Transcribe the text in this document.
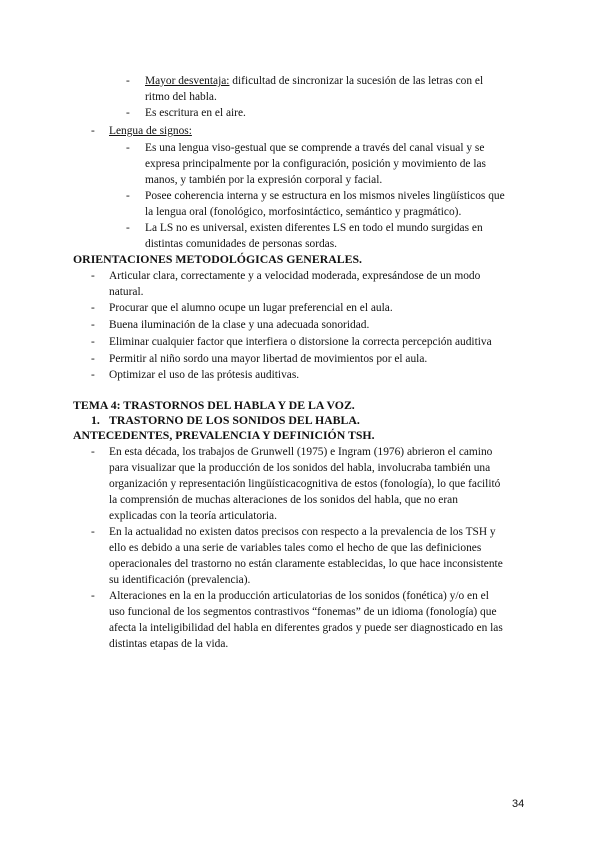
- Mayor desventaja: dificultad de sincronizar la sucesión de las letras con el
ritmo del habla.
- Es escritura en el aire.
- Lengua de signos:
- Es una lengua viso-gestual que se comprende a través del canal visual y se
expresa principalmente por la configuración, posición y movimiento de las
manos, y también por la expresión corporal y facial.
- Posee coherencia interna y se estructura en los mismos niveles lingüísticos que
la lengua oral (fonológico, morfosintáctico, semántico y pragmático).
- La LS no es universal, existen diferentes LS en todo el mundo surgidas en
distintas comunidades de personas sordas.
ORIENTACIONES METODOLÓGICAS GENERALES.
- Articular clara, correctamente y a velocidad moderada, expresándose de un modo
natural.
- Procurar que el alumno ocupe un lugar preferencial en el aula.
- Buena iluminación de la clase y una adecuada sonoridad.
- Eliminar cualquier factor que interfiera o distorsione la correcta percepción auditiva
- Permitir al niño sordo una mayor libertad de movimientos por el aula.
- Optimizar el uso de las prótesis auditivas.
TEMA 4: TRASTORNOS DEL HABLA Y DE LA VOZ.
1. TRASTORNO DE LOS SONIDOS DEL HABLA.
ANTECEDENTES, PREVALENCIA Y DEFINICIÓN TSH.
- En esta década, los trabajos de Grunwell (1975) e Ingram (1976) abrieron el camino
para visualizar que la producción de los sonidos del habla, involucraba también una
organización y representación lingüísticacognitiva de estos (fonología), lo que facilitó
la comprensión de muchas alteraciones de los sonidos del habla, que no eran
explicadas con la teoría articulatoria.
- En la actualidad no existen datos precisos con respecto a la prevalencia de los TSH y
ello es debido a una serie de variables tales como el hecho de que las definiciones
operacionales del trastorno no están claramente establecidas, lo que hace inconsistente
su identificación (prevalencia).
- Alteraciones en la en la producción articulatorias de los sonidos (fonética) y/o en el
uso funcional de los segmentos contrastivos “fonemas” de un idioma (fonología) que
afecta la inteligibilidad del habla en diferentes grados y puede ser diagnosticado en las
distintas etapas de la vida.
34
